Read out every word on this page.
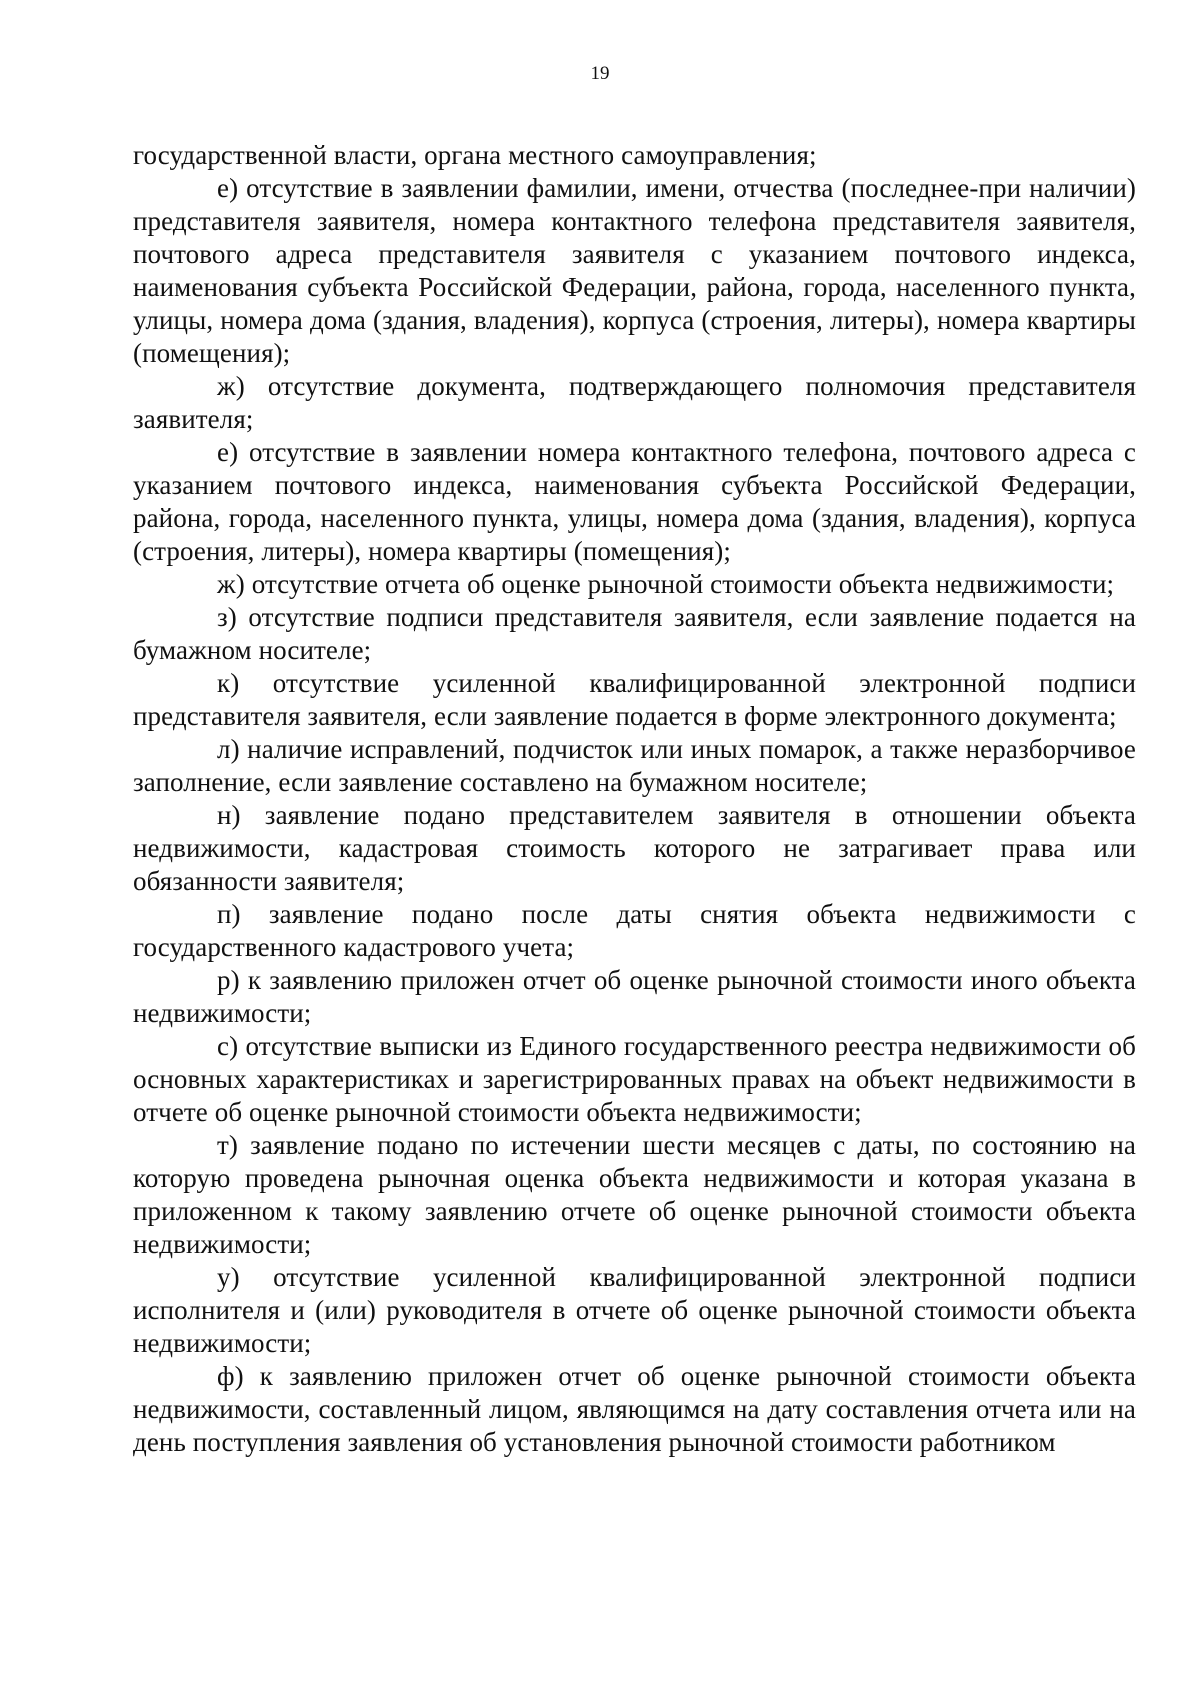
19

государственной власти, органа местного самоуправления;

е) отсутствие в заявлении фамилии, имени, отчества (последнее-при наличии) представителя заявителя, номера контактного телефона представителя заявителя, почтового адреса представителя заявителя с указанием почтового индекса, наименования субъекта Российской Федерации, района, города, населенного пункта, улицы, номера дома (здания, владения), корпуса (строения, литеры), номера квартиры (помещения);

ж) отсутствие документа, подтверждающего полномочия представителя заявителя;

е) отсутствие в заявлении номера контактного телефона, почтового адреса с указанием почтового индекса, наименования субъекта Российской Федерации, района, города, населенного пункта, улицы, номера дома (здания, владения), корпуса (строения, литеры), номера квартиры (помещения);

ж) отсутствие отчета об оценке рыночной стоимости объекта недвижимости;

з) отсутствие подписи представителя заявителя, если заявление подается на бумажном носителе;

к) отсутствие усиленной квалифицированной электронной подписи представителя заявителя, если заявление подается в форме электронного документа;

л) наличие исправлений, подчисток или иных помарок, а также неразборчивое заполнение, если заявление составлено на бумажном носителе;

н) заявление подано представителем заявителя в отношении объекта недвижимости, кадастровая стоимость которого не затрагивает права или обязанности заявителя;

п) заявление подано после даты снятия объекта недвижимости с государственного кадастрового учета;

р) к заявлению приложен отчет об оценке рыночной стоимости иного объекта недвижимости;

с) отсутствие выписки из Единого государственного реестра недвижимости об основных характеристиках и зарегистрированных правах на объект недвижимости в отчете об оценке рыночной стоимости объекта недвижимости;

т) заявление подано по истечении шести месяцев с даты, по состоянию на которую проведена рыночная оценка объекта недвижимости и которая указана в приложенном к такому заявлению отчете об оценке рыночной стоимости объекта недвижимости;

у) отсутствие усиленной квалифицированной электронной подписи исполнителя и (или) руководителя в отчете об оценке рыночной стоимости объекта недвижимости;

ф) к заявлению приложен отчет об оценке рыночной стоимости объекта недвижимости, составленный лицом, являющимся на дату составления отчета или на день поступления заявления об установления рыночной стоимости работником
